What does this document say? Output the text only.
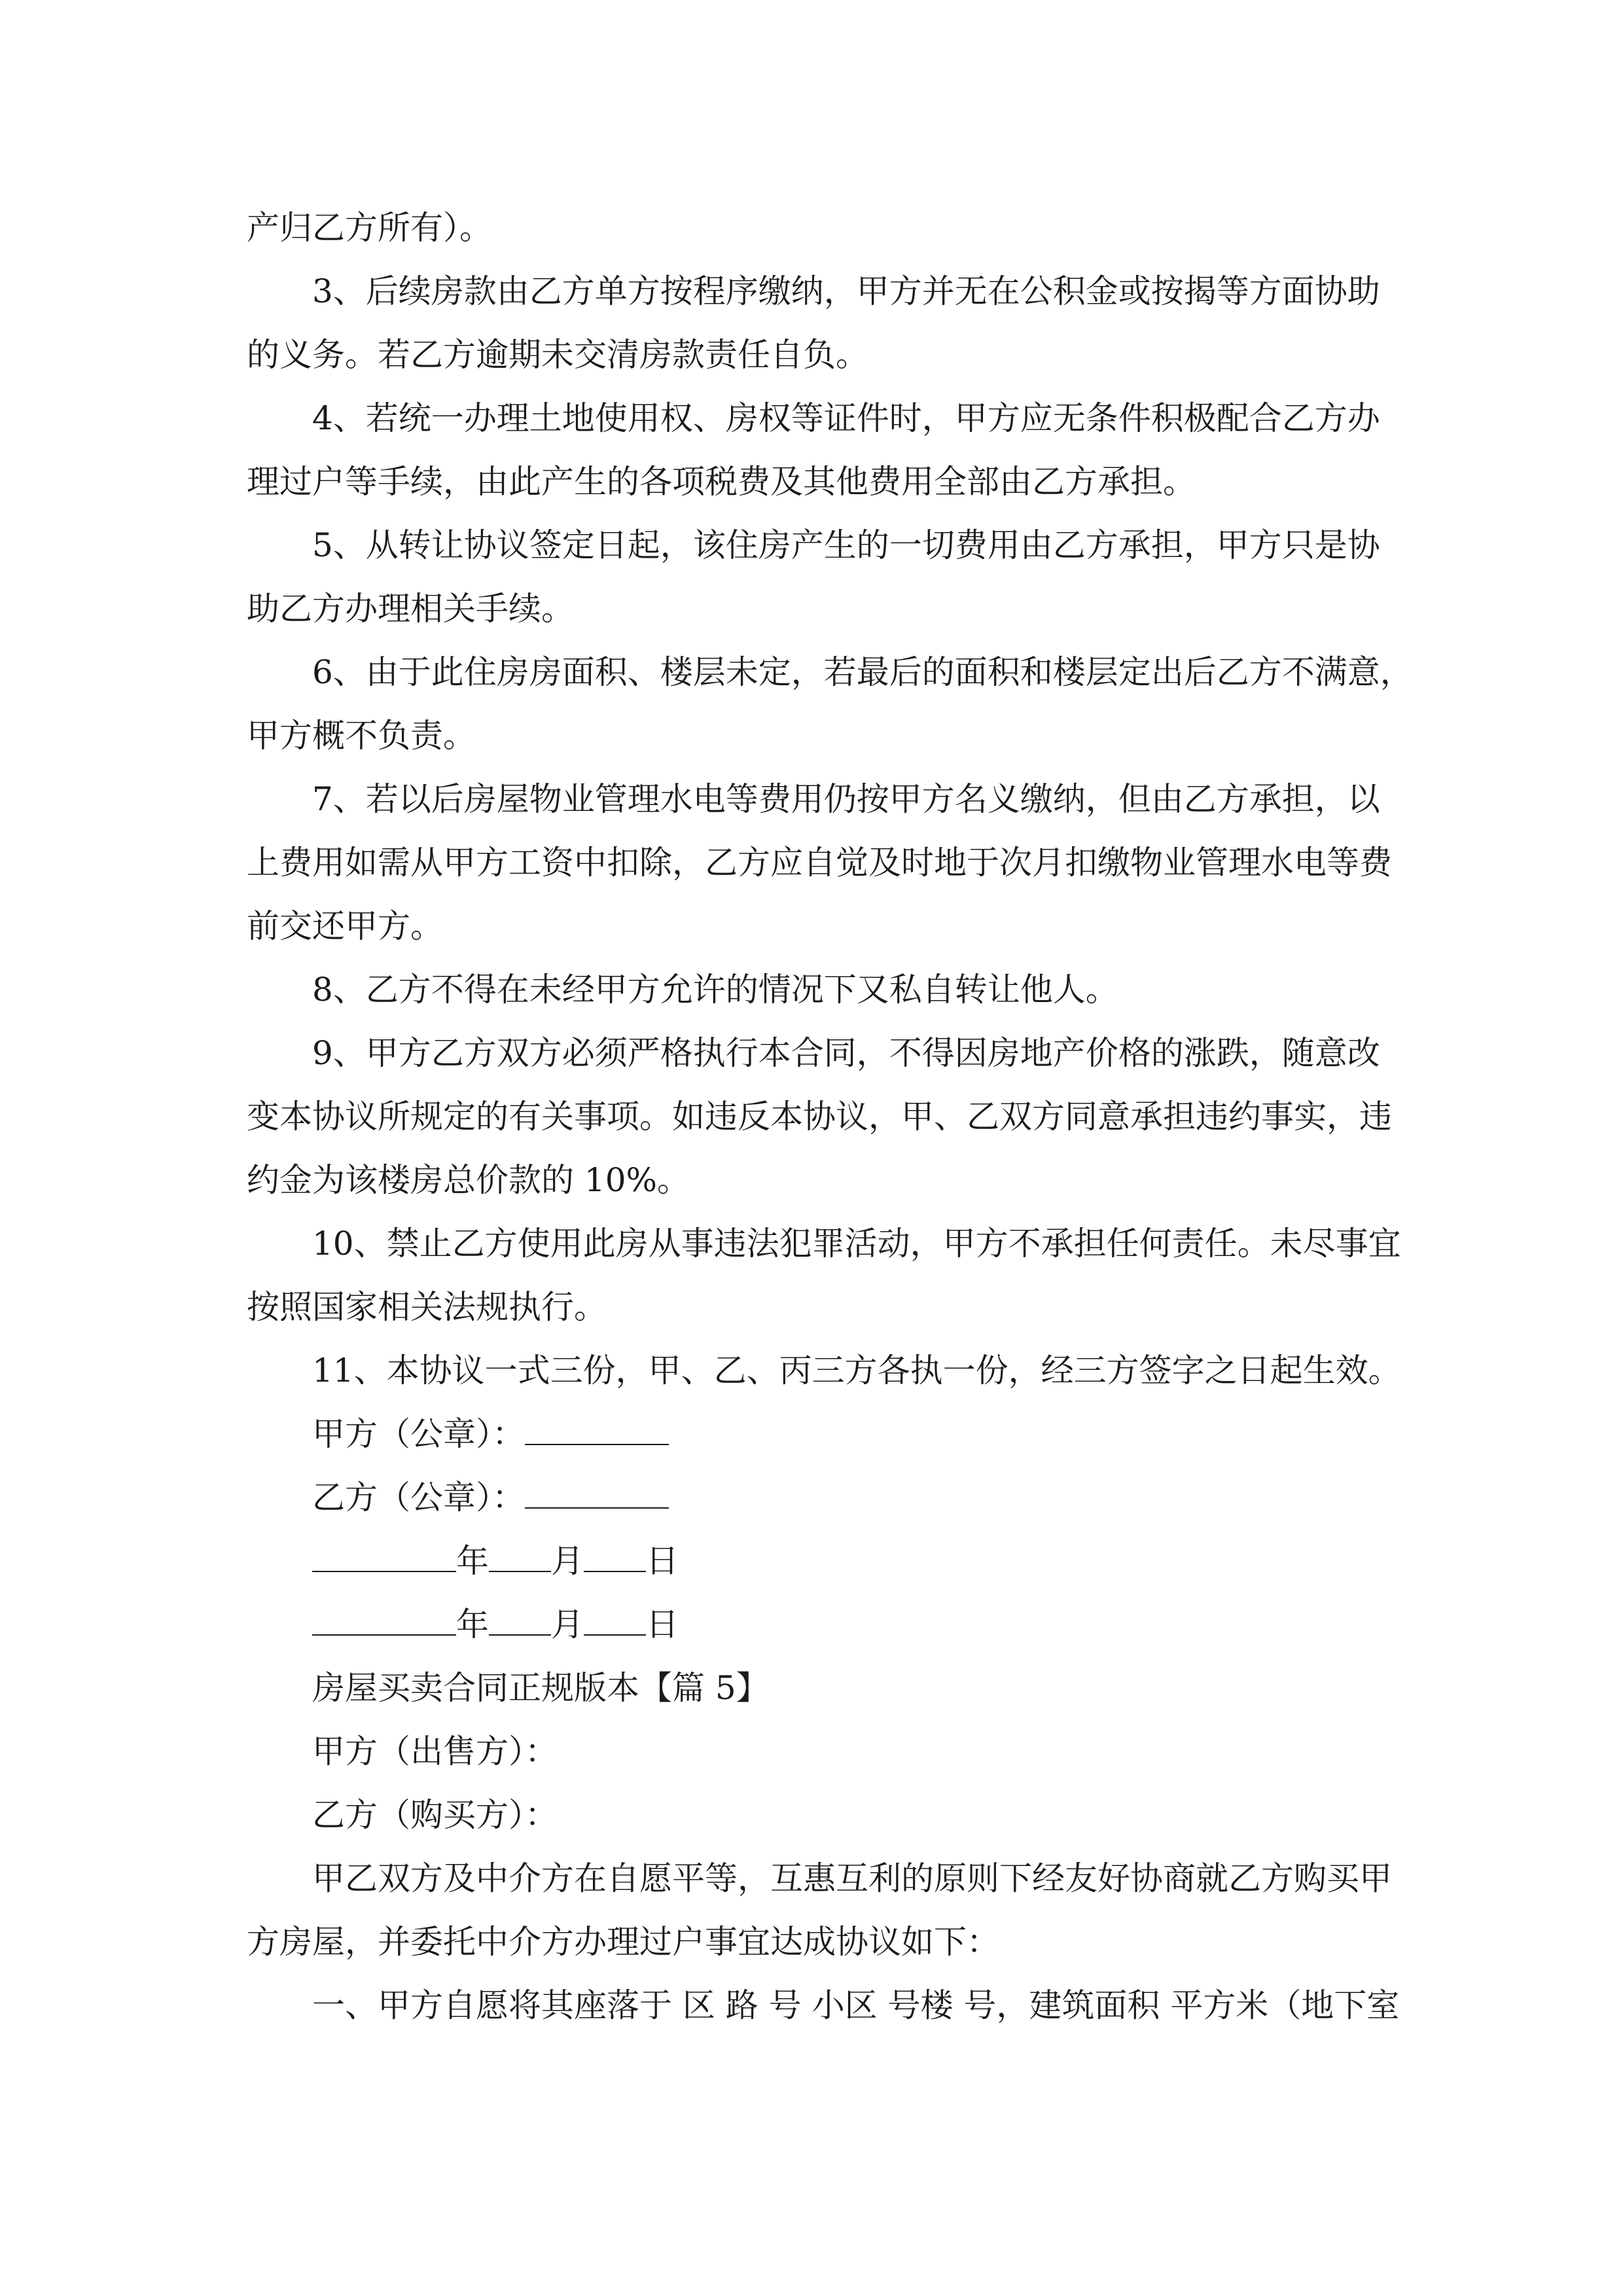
产归乙方所有）。
3、后续房款由乙方单方按程序缴纳，甲方并无在公积金或按揭等方面协助
的义务。若乙方逾期未交清房款责任自负。
4、若统一办理土地使用权、房权等证件时，甲方应无条件积极配合乙方办
理过户等手续，由此产生的各项税费及其他费用全部由乙方承担。
5、从转让协议签定日起，该住房产生的一切费用由乙方承担，甲方只是协
助乙方办理相关手续。
6、由于此住房房面积、楼层未定，若最后的面积和楼层定出后乙方不满意，
甲方概不负责。
7、若以后房屋物业管理水电等费用仍按甲方名义缴纳，但由乙方承担，以
上费用如需从甲方工资中扣除，乙方应自觉及时地于次月扣缴物业管理水电等费
前交还甲方。
8、乙方不得在未经甲方允许的情况下又私自转让他人。
9、甲方乙方双方必须严格执行本合同，不得因房地产价格的涨跌，随意改
变本协议所规定的有关事项。如违反本协议，甲、乙双方同意承担违约事实，违
约金为该楼房总价款的 10%。
10、禁止乙方使用此房从事违法犯罪活动，甲方不承担任何责任。未尽事宜
按照国家相关法规执行。
11、本协议一式三份，甲、乙、丙三方各执一份，经三方签字之日起生效。
甲方（公章）：
乙方（公章）：
年 月 日
年 月 日
房屋买卖合同正规版本【篇 5】
甲方（出售方）：
乙方（购买方）：
甲乙双方及中介方在自愿平等，互惠互利的原则下经友好协商就乙方购买甲
方房屋，并委托中介方办理过户事宜达成协议如下：
一、甲方自愿将其座落于 区 路 号 小区 号楼 号，建筑面积 平方米（地下室
